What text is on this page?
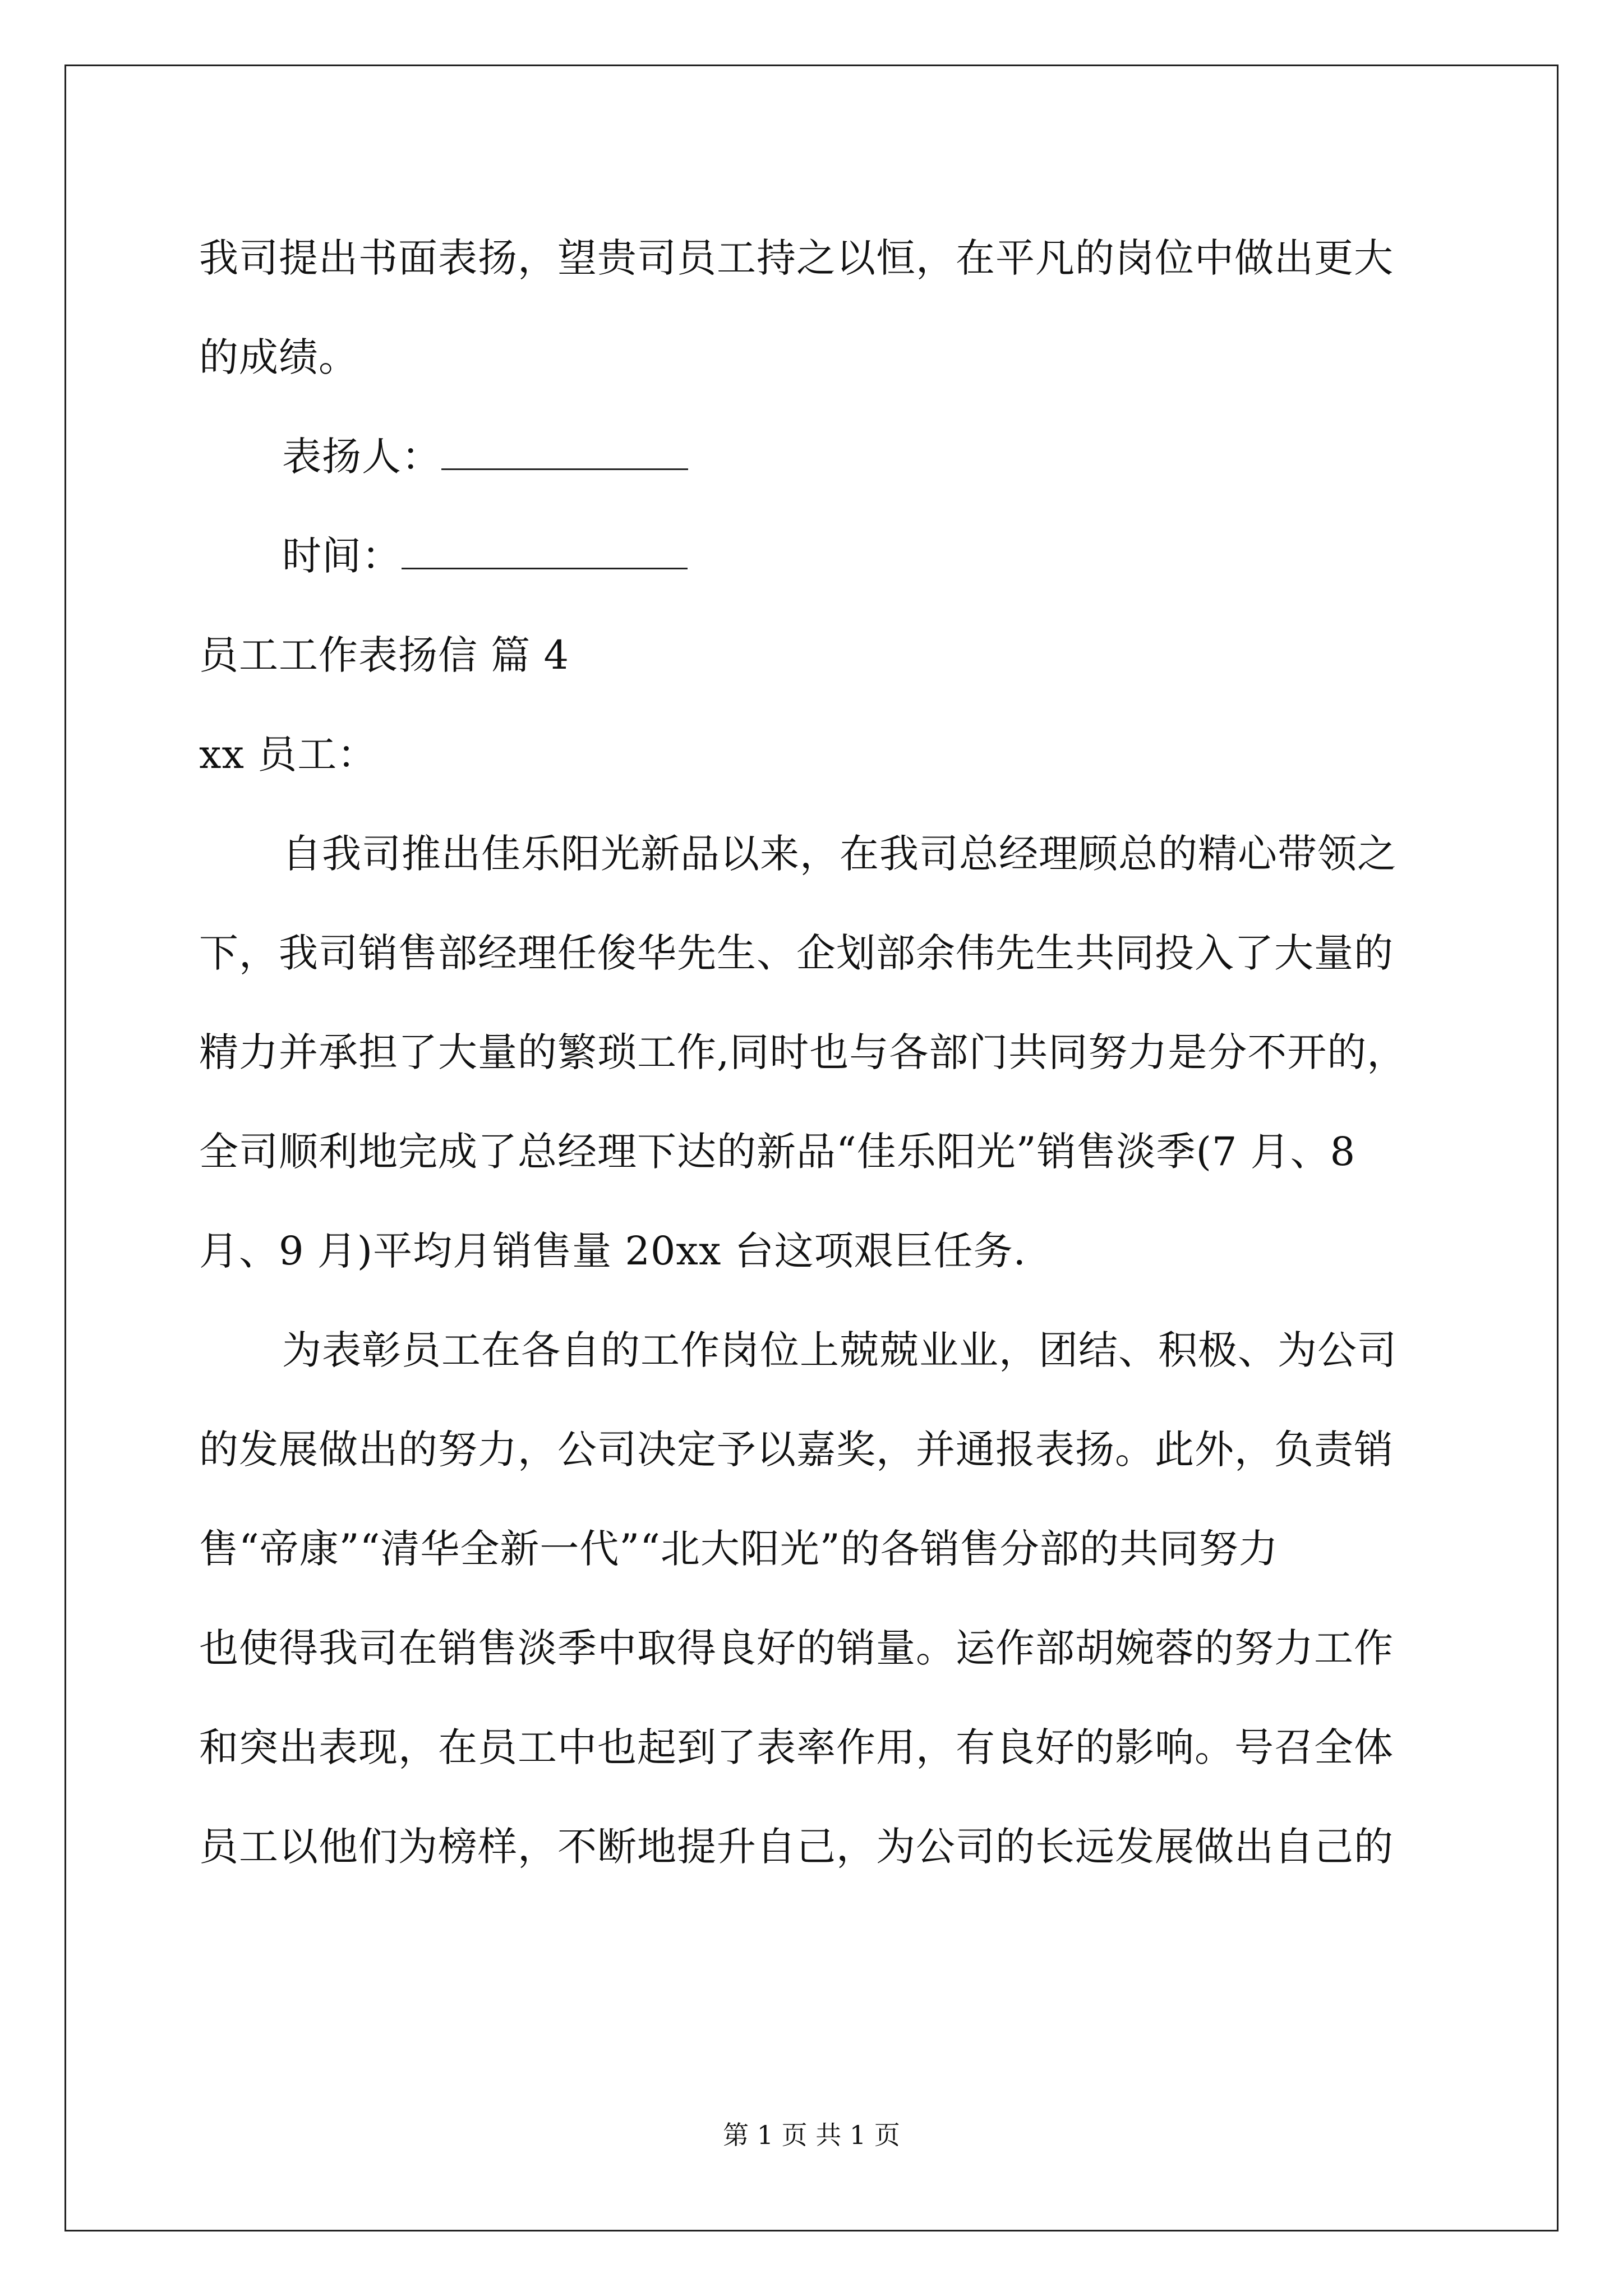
我司提出书面表扬，望贵司员工持之以恒，在平凡的岗位中做出更大
的成绩。
表扬人：
时间：
员工工作表扬信 篇 4
xx 员工：
自我司推出佳乐阳光新品以来，在我司总经理顾总的精心带领之
下，我司销售部经理任俊华先生、企划部余伟先生共同投入了大量的
精力并承担了大量的繁琐工作,同时也与各部门共同努力是分不开的，
全司顺利地完成了总经理下达的新品“佳乐阳光”销售淡季(7 月、8
月、9 月)平均月销售量 20xx 台这项艰巨任务.
为表彰员工在各自的工作岗位上兢兢业业，团结、积极、为公司
的发展做出的努力，公司决定予以嘉奖，并通报表扬。此外，负责销
售“帝康”“清华全新一代”“北大阳光”的各销售分部的共同努力
也使得我司在销售淡季中取得良好的销量。运作部胡婉蓉的努力工作
和突出表现，在员工中也起到了表率作用，有良好的影响。号召全体
员工以他们为榜样，不断地提升自己，为公司的长远发展做出自己的
第 1 页 共 1 页
